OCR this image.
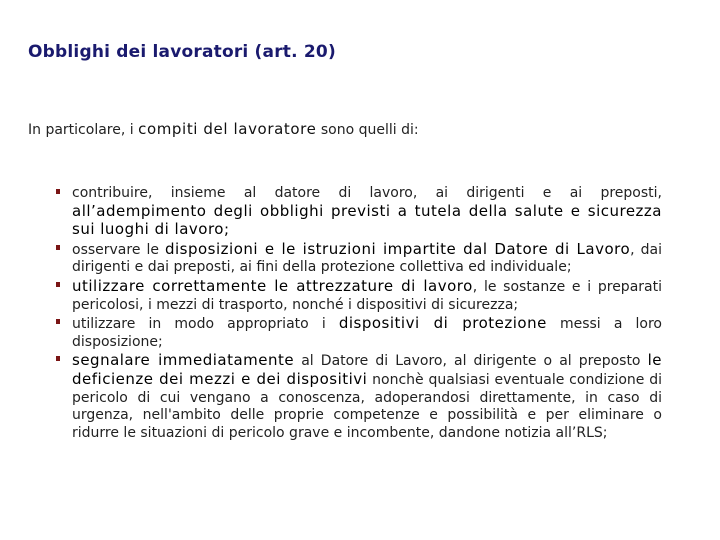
Obblighi dei lavoratori (art. 20)
In particolare, i compiti del lavoratore sono quelli di:
contribuire, insieme al datore di lavoro, ai dirigenti e ai preposti, all’adempimento degli obblighi previsti a tutela della salute e sicurezza sui luoghi di lavoro;
osservare le disposizioni e le istruzioni impartite dal Datore di Lavoro, dai dirigenti e dai preposti, ai fini della protezione collettiva ed individuale;
utilizzare correttamente le attrezzature di lavoro, le sostanze e i preparati pericolosi, i mezzi di trasporto, nonché i dispositivi di sicurezza;
utilizzare in modo appropriato i dispositivi di protezione messi a loro disposizione;
segnalare immediatamente al Datore di Lavoro, al dirigente o al preposto le deficienze dei mezzi e dei dispositivi nonchè qualsiasi eventuale condizione di pericolo di cui vengano a conoscenza, adoperandosi direttamente, in caso di urgenza, nell'ambito delle proprie competenze e possibilità e per eliminare o ridurre le situazioni di pericolo grave e incombente, dandone notizia all’RLS;
